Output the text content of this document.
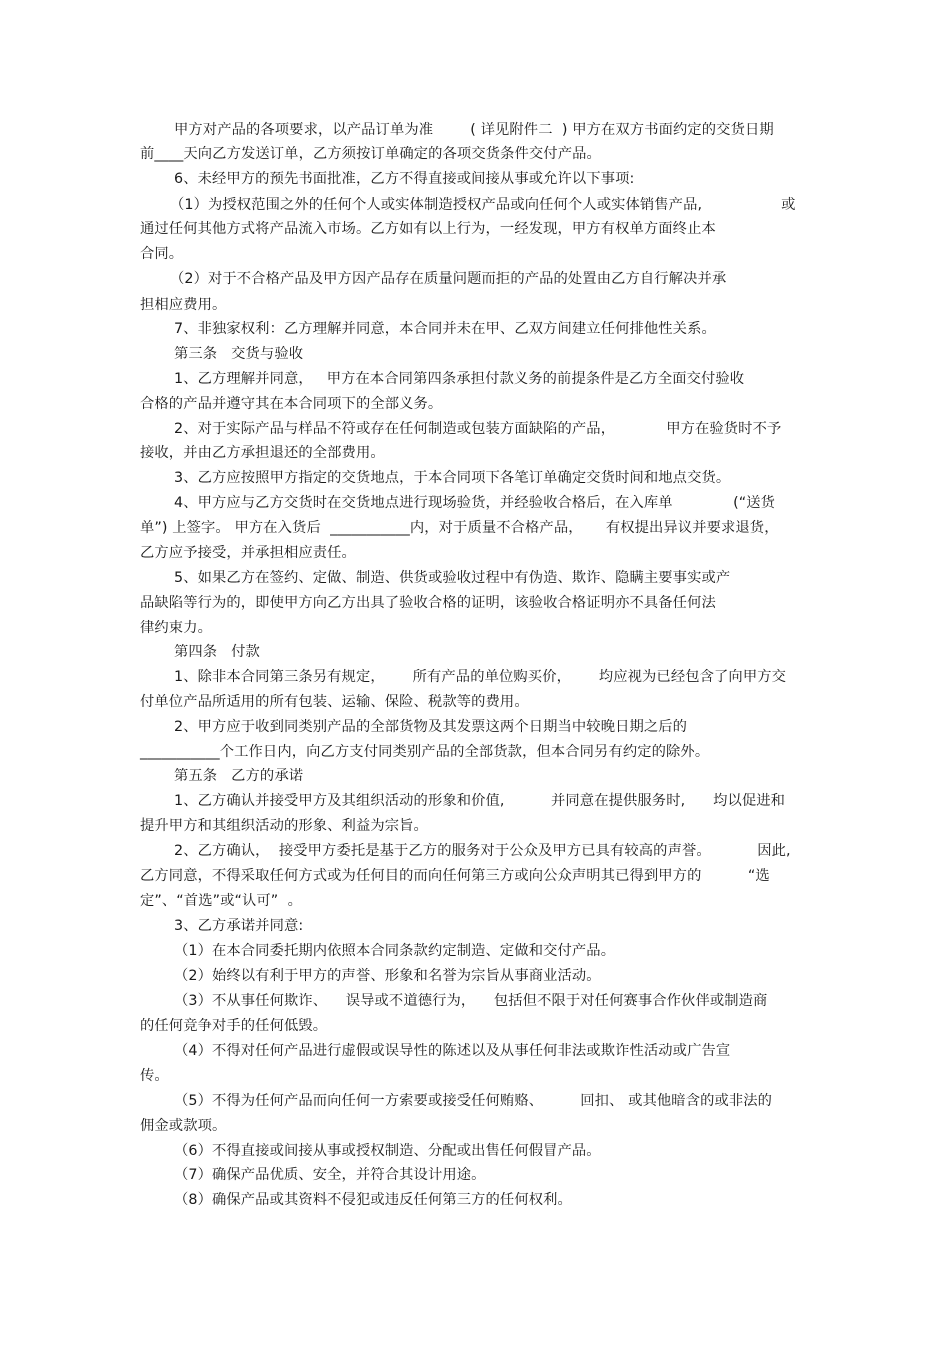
甲方对产品的各项要求，以产品订单为准        ( 详见附件二  ) 甲方在双方书面约定的交货日期
前____天向乙方发送订单，乙方须按订单确定的各项交货条件交付产品。
6、未经甲方的预先书面批准，乙方不得直接或间接从事或允许以下事项:
（1）为授权范围之外的任何个人或实体制造授权产品或向任何个人或实体销售产品,                 或
通过任何其他方式将产品流入市场。乙方如有以上行为，一经发现，甲方有权单方面终止本
合同。
（2）对于不合格产品及甲方因产品存在质量问题而拒的产品的处置由乙方自行解决并承
担相应费用。
7、非独家权利：乙方理解并同意，本合同并未在甲、乙双方间建立任何排他性关系。
第三条   交货与验收
1、乙方理解并同意，   甲方在本合同第四条承担付款义务的前提条件是乙方全面交付验收
合格的产品并遵守其在本合同项下的全部义务。
2、对于实际产品与样品不符或存在任何制造或包装方面缺陷的产品，           甲方在验货时不予
接收，并由乙方承担退还的全部费用。
3、乙方应按照甲方指定的交货地点，于本合同项下各笔订单确定交货时间和地点交货。
4、甲方应与乙方交货时在交货地点进行现场验货，并经验收合格后，在入库单             (“送货
单”) 上签字。 甲方在入货后  ___________内，对于质量不合格产品，     有权提出异议并要求退货，
乙方应予接受，并承担相应责任。
5、如果乙方在签约、定做、制造、供货或验收过程中有伪造、欺诈、隐瞒主要事实或产
品缺陷等行为的，即使甲方向乙方出具了验收合格的证明，该验收合格证明亦不具备任何法
律约束力。
第四条   付款
1、除非本合同第三条另有规定，      所有产品的单位购买价，      均应视为已经包含了向甲方交
付单位产品所适用的所有包装、运输、保险、税款等的费用。
2、甲方应于收到同类别产品的全部货物及其发票这两个日期当中较晚日期之后的
___________个工作日内，向乙方支付同类别产品的全部货款，但本合同另有约定的除外。
第五条   乙方的承诺
1、乙方确认并接受甲方及其组织活动的形象和价值,          并同意在提供服务时,      均以促进和
提升甲方和其组织活动的形象、利益为宗旨。
2、乙方确认，  接受甲方委托是基于乙方的服务对于公众及甲方已具有较高的声誉。          因此,
乙方同意，不得采取任何方式或为任何目的而向任何第三方或向公众声明其已得到甲方的          “选
定”、“首选”或“认可”  。
3、乙方承诺并同意:
（1）在本合同委托期内依照本合同条款约定制造、定做和交付产品。
（2）始终以有利于甲方的声誉、形象和名誉为宗旨从事商业活动。
（3）不从事任何欺诈、    误导或不道德行为，    包括但不限于对任何赛事合作伙伴或制造商
的任何竞争对手的任何低毁。
（4）不得对任何产品进行虚假或误导性的陈述以及从事任何非法或欺诈性活动或广告宣
传。
（5）不得为任何产品而向任何一方索要或接受任何贿赂、        回扣、 或其他暗含的或非法的
佣金或款项。
（6）不得直接或间接从事或授权制造、分配或出售任何假冒产品。
（7）确保产品优质、安全，并符合其设计用途。
（8）确保产品或其资料不侵犯或违反任何第三方的任何权利。
